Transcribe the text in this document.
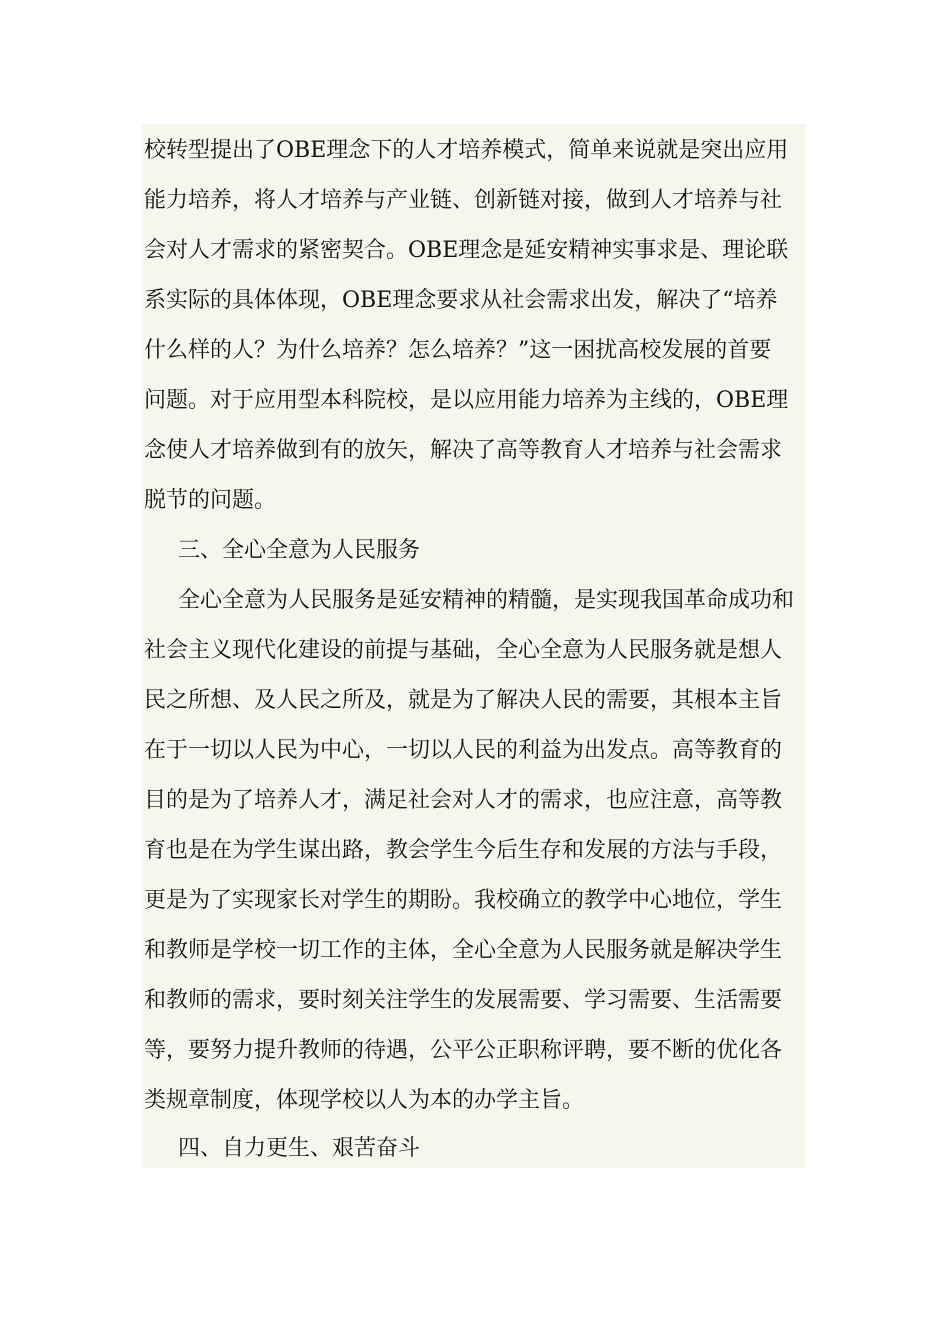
校转型提出了OBE理念下的人才培养模式，简单来说就是突出应用
能力培养，将人才培养与产业链、创新链对接，做到人才培养与社
会对人才需求的紧密契合。OBE理念是延安精神实事求是、理论联
系实际的具体体现，OBE理念要求从社会需求出发，解决了“培养
什么样的人？为什么培养？怎么培养？”这一困扰高校发展的首要
问题。对于应用型本科院校，是以应用能力培养为主线的，OBE理
念使人才培养做到有的放矢，解决了高等教育人才培养与社会需求
脱节的问题。
三、全心全意为人民服务
全心全意为人民服务是延安精神的精髓，是实现我国革命成功和
社会主义现代化建设的前提与基础，全心全意为人民服务就是想人
民之所想、及人民之所及，就是为了解决人民的需要，其根本主旨
在于一切以人民为中心，一切以人民的利益为出发点。高等教育的
目的是为了培养人才，满足社会对人才的需求，也应注意，高等教
育也是在为学生谋出路，教会学生今后生存和发展的方法与手段，
更是为了实现家长对学生的期盼。我校确立的教学中心地位，学生
和教师是学校一切工作的主体，全心全意为人民服务就是解决学生
和教师的需求，要时刻关注学生的发展需要、学习需要、生活需要
等，要努力提升教师的待遇，公平公正职称评聘，要不断的优化各
类规章制度，体现学校以人为本的办学主旨。
四、自力更生、艰苦奋斗
